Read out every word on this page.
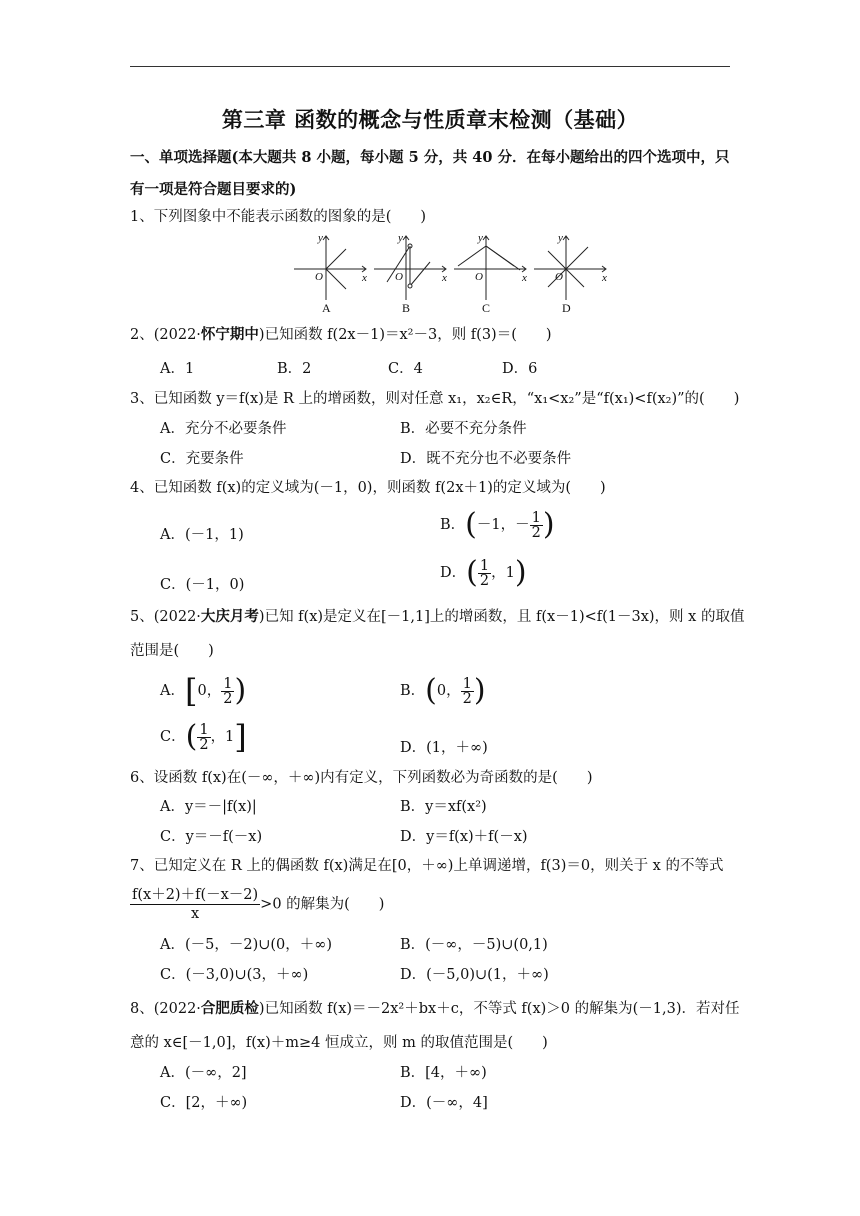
第三章 函数的概念与性质章末检测（基础）
一、单项选择题(本大题共 8 小题，每小题 5 分，共 40 分．在每小题给出的四个选项中，只
有一项是符合题目要求的)
1、下列图象中不能表示函数的图象的是(　　)
y
x
O
y
x
O
y
x
O
y
x
O
A	B	C	D
2、(2022·怀宁期中)已知函数 f(2x－1)＝x²－3，则 f(3)＝(　　)
A．1	B．2	C．4	D．6
3、已知函数 y＝f(x)是 R 上的增函数，则对任意 x₁，x₂∈R，“x₁<x₂”是“f(x₁)<f(x₂)”的(　　)
A．充分不必要条件	B．必要不充分条件
C．充要条件	D．既不充分也不必要条件
4、已知函数 f(x)的定义域为(－1，0)，则函数 f(2x＋1)的定义域为(　　)
A．(－1，1)
B．(－1，－ $\frac{1}{2}$ )
C．(－1，0)
D．( $\frac{1}{2}$ ，1)
5、(2022·大庆月考)已知 f(x)是定义在[－1,1]上的增函数，且 f(x－1)<f(1－3x)，则 x 的取值
范围是(　　)
A．[0， $\frac{1}{2}$ )	B．(0， $\frac{1}{2}$ )
C．( $\frac{1}{2}$ ，1]	D．(1，＋∞)
6、设函数 f(x)在(－∞，＋∞)内有定义，下列函数必为奇函数的是(　　)
A．y＝－|f(x)|	B．y＝xf(x²)
C．y＝－f(－x)	D．y＝f(x)＋f(－x)
7、已知定义在 R 上的偶函数 f(x)满足在[0，＋∞)上单调递增，f(3)＝0，则关于 x 的不等式
$\frac{f(x+2)+f(-x-2)}{x} >0$ 的解集为(　　)
A．(－5，－2)∪(0，＋∞)	B．(－∞，－5)∪(0,1)
C．(－3,0)∪(3，＋∞)	D．(－5,0)∪(1，＋∞)
8、(2022·合肥质检)已知函数 f(x)＝－2x²＋bx＋c，不等式 f(x)＞0 的解集为(－1,3)．若对任
意的 x∈[－1,0]，f(x)＋m≥4 恒成立，则 m 的取值范围是(　　)
A．(－∞，2]	B．[4，＋∞)
C．[2，＋∞)	D．(－∞，4]
